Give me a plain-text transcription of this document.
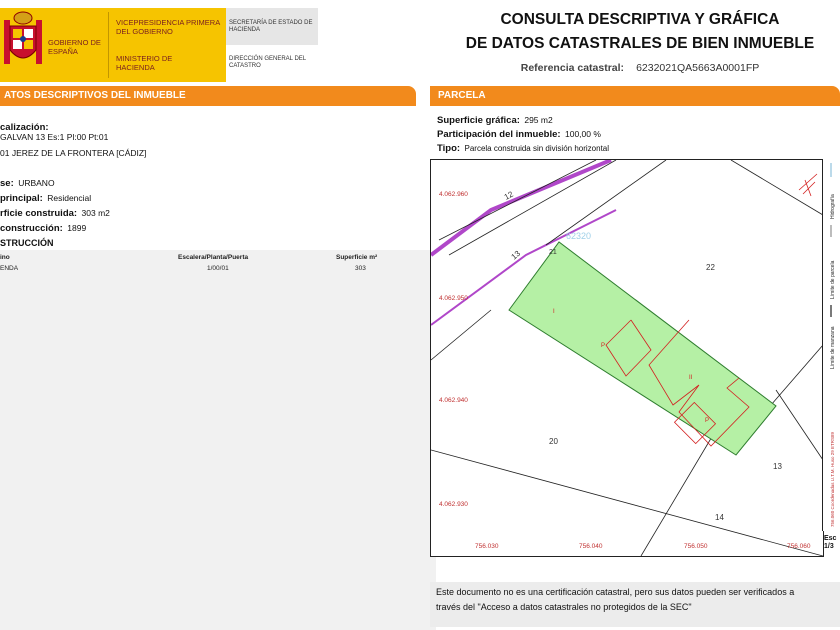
GOBIERNO DE ESPAÑA
VICEPRESIDENCIA PRIMERA DEL GOBIERNO
MINISTERIO DE HACIENDA
SECRETARÍA DE ESTADO DE HACIENDA
DIRECCIÓN GENERAL DEL CATASTRO
CONSULTA DESCRIPTIVA Y GRÁFICA
DE DATOS CATASTRALES DE BIEN INMUEBLE
Referencia catastral: 6232021QA5663A0001FP
ATOS DESCRIPTIVOS DEL INMUEBLE
calización:
GALVAN 13 Es:1 Pl:00 Pt:01
01 JEREZ DE LA FRONTERA [CÁDIZ]
se: URBANO
principal: Residencial
rficie construida: 303 m2
construcción: 1899
STRUCCIÓN
ino	Escalera/Planta/Puerta	Superficie m²
ENDA	1/00/01	303
PARCELA
Superficie gráfica: 295 m2
Participación del inmueble: 100,00 %
Tipo: Parcela construida sin división horizontal
12
13	21
22
20
13
14
62320
I
P
II
P
4.062.960
4.062.950
4.062.940
4.062.930
756.030	756.040	756.050	756.060
Hidrografía
Límite de parcela
Límite de manzana
756.060 Coordenadas U.T.M. Huso 29 ETRS89
Esc
1/3
Este documento no es una certificación catastral, pero sus datos pueden ser verificados a
través del "Acceso a datos catastrales no protegidos de la SEC"
